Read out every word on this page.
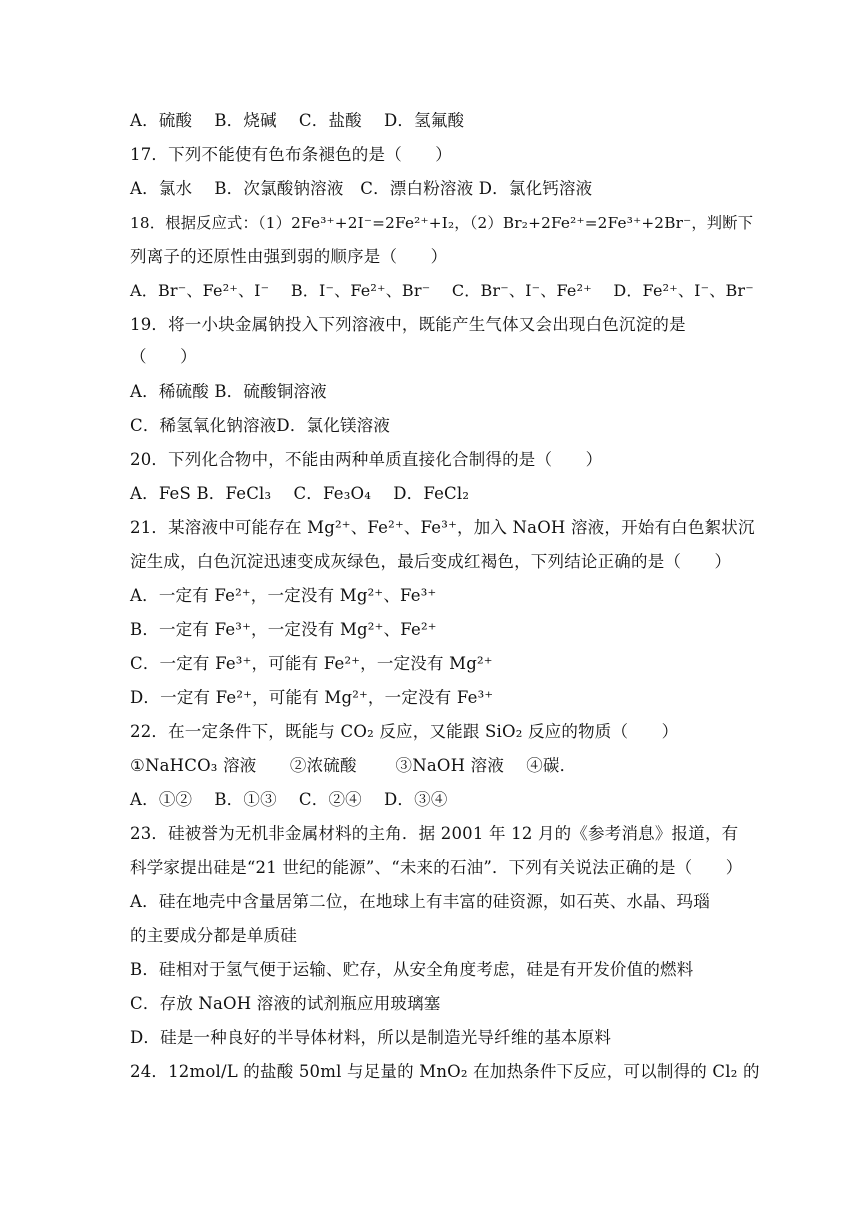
A．硫酸　 B．烧碱　 C．盐酸　 D．氢氟酸
17．下列不能使有色布条褪色的是（　　）
A．氯水　 B．次氯酸钠溶液　C．漂白粉溶液 D．氯化钙溶液
18．根据反应式：（1）2Fe³⁺+2I⁻=2Fe²⁺+I₂，（2）Br₂+2Fe²⁺=2Fe³⁺+2Br⁻，判断下
列离子的还原性由强到弱的顺序是（　　）
A．Br⁻、Fe²⁺、I⁻　 B．I⁻、Fe²⁺、Br⁻　 C．Br⁻、I⁻、Fe²⁺　 D．Fe²⁺、I⁻、Br⁻
19．将一小块金属钠投入下列溶液中，既能产生气体又会出现白色沉淀的是
（　　）
A．稀硫酸 B．硫酸铜溶液
C．稀氢氧化钠溶液D．氯化镁溶液
20．下列化合物中，不能由两种单质直接化合制得的是（　　）
A．FeS B．FeCl₃　 C．Fe₃O₄　 D．FeCl₂
21．某溶液中可能存在 Mg²⁺、Fe²⁺、Fe³⁺，加入 NaOH 溶液，开始有白色絮状沉
淀生成，白色沉淀迅速变成灰绿色，最后变成红褐色，下列结论正确的是（　　）
A．一定有 Fe²⁺，一定没有 Mg²⁺、Fe³⁺
B．一定有 Fe³⁺，一定没有 Mg²⁺、Fe²⁺
C．一定有 Fe³⁺，可能有 Fe²⁺，一定没有 Mg²⁺
D．一定有 Fe²⁺，可能有 Mg²⁺，一定没有 Fe³⁺
22．在一定条件下，既能与 CO₂ 反应，又能跟 SiO₂ 反应的物质（　　）
①NaHCO₃ 溶液　　②浓硫酸　　 ③NaOH 溶液　 ④碳．
A．①②　 B．①③　 C．②④　 D．③④
23．硅被誉为无机非金属材料的主角．据 2001 年 12 月的《参考消息》报道，有
科学家提出硅是“21 世纪的能源”、“未来的石油”．下列有关说法正确的是（　　）
A．硅在地壳中含量居第二位，在地球上有丰富的硅资源，如石英、水晶、玛瑙
的主要成分都是单质硅
B．硅相对于氢气便于运输、贮存，从安全角度考虑，硅是有开发价值的燃料
C．存放 NaOH 溶液的试剂瓶应用玻璃塞
D．硅是一种良好的半导体材料，所以是制造光导纤维的基本原料
24．12mol/L 的盐酸 50ml 与足量的 MnO₂ 在加热条件下反应，可以制得的 Cl₂ 的
